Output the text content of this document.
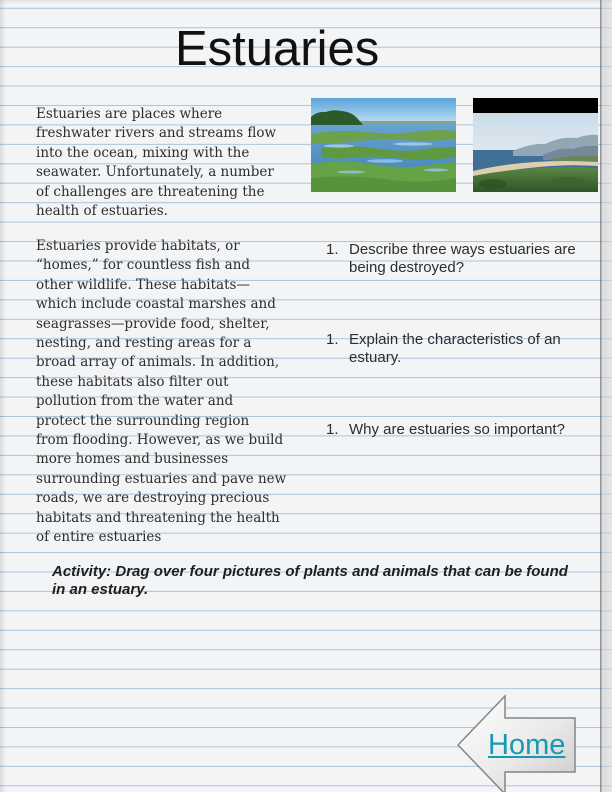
Estuaries

Estuaries are places where
freshwater rivers and streams flow
into the ocean, mixing with the
seawater. Unfortunately, a number
of challenges are threatening the
health of estuaries.

Estuaries provide habitats, or
“homes,” for countless fish and
other wildlife. These habitats—
which include coastal marshes and
seagrasses—provide food, shelter,
nesting, and resting areas for a
broad array of animals. In addition,
these habitats also filter out
pollution from the water and
protect the surrounding region
from flooding. However, as we build
more homes and businesses
surrounding estuaries and pave new
roads, we are destroying precious
habitats and threatening the health
of entire estuaries

1. Describe three ways estuaries are being destroyed?
1. Explain the characteristics of an estuary.
1. Why are estuaries so important?
Activity: Drag over four pictures of plants and animals that can be found in an estuary.
Home
